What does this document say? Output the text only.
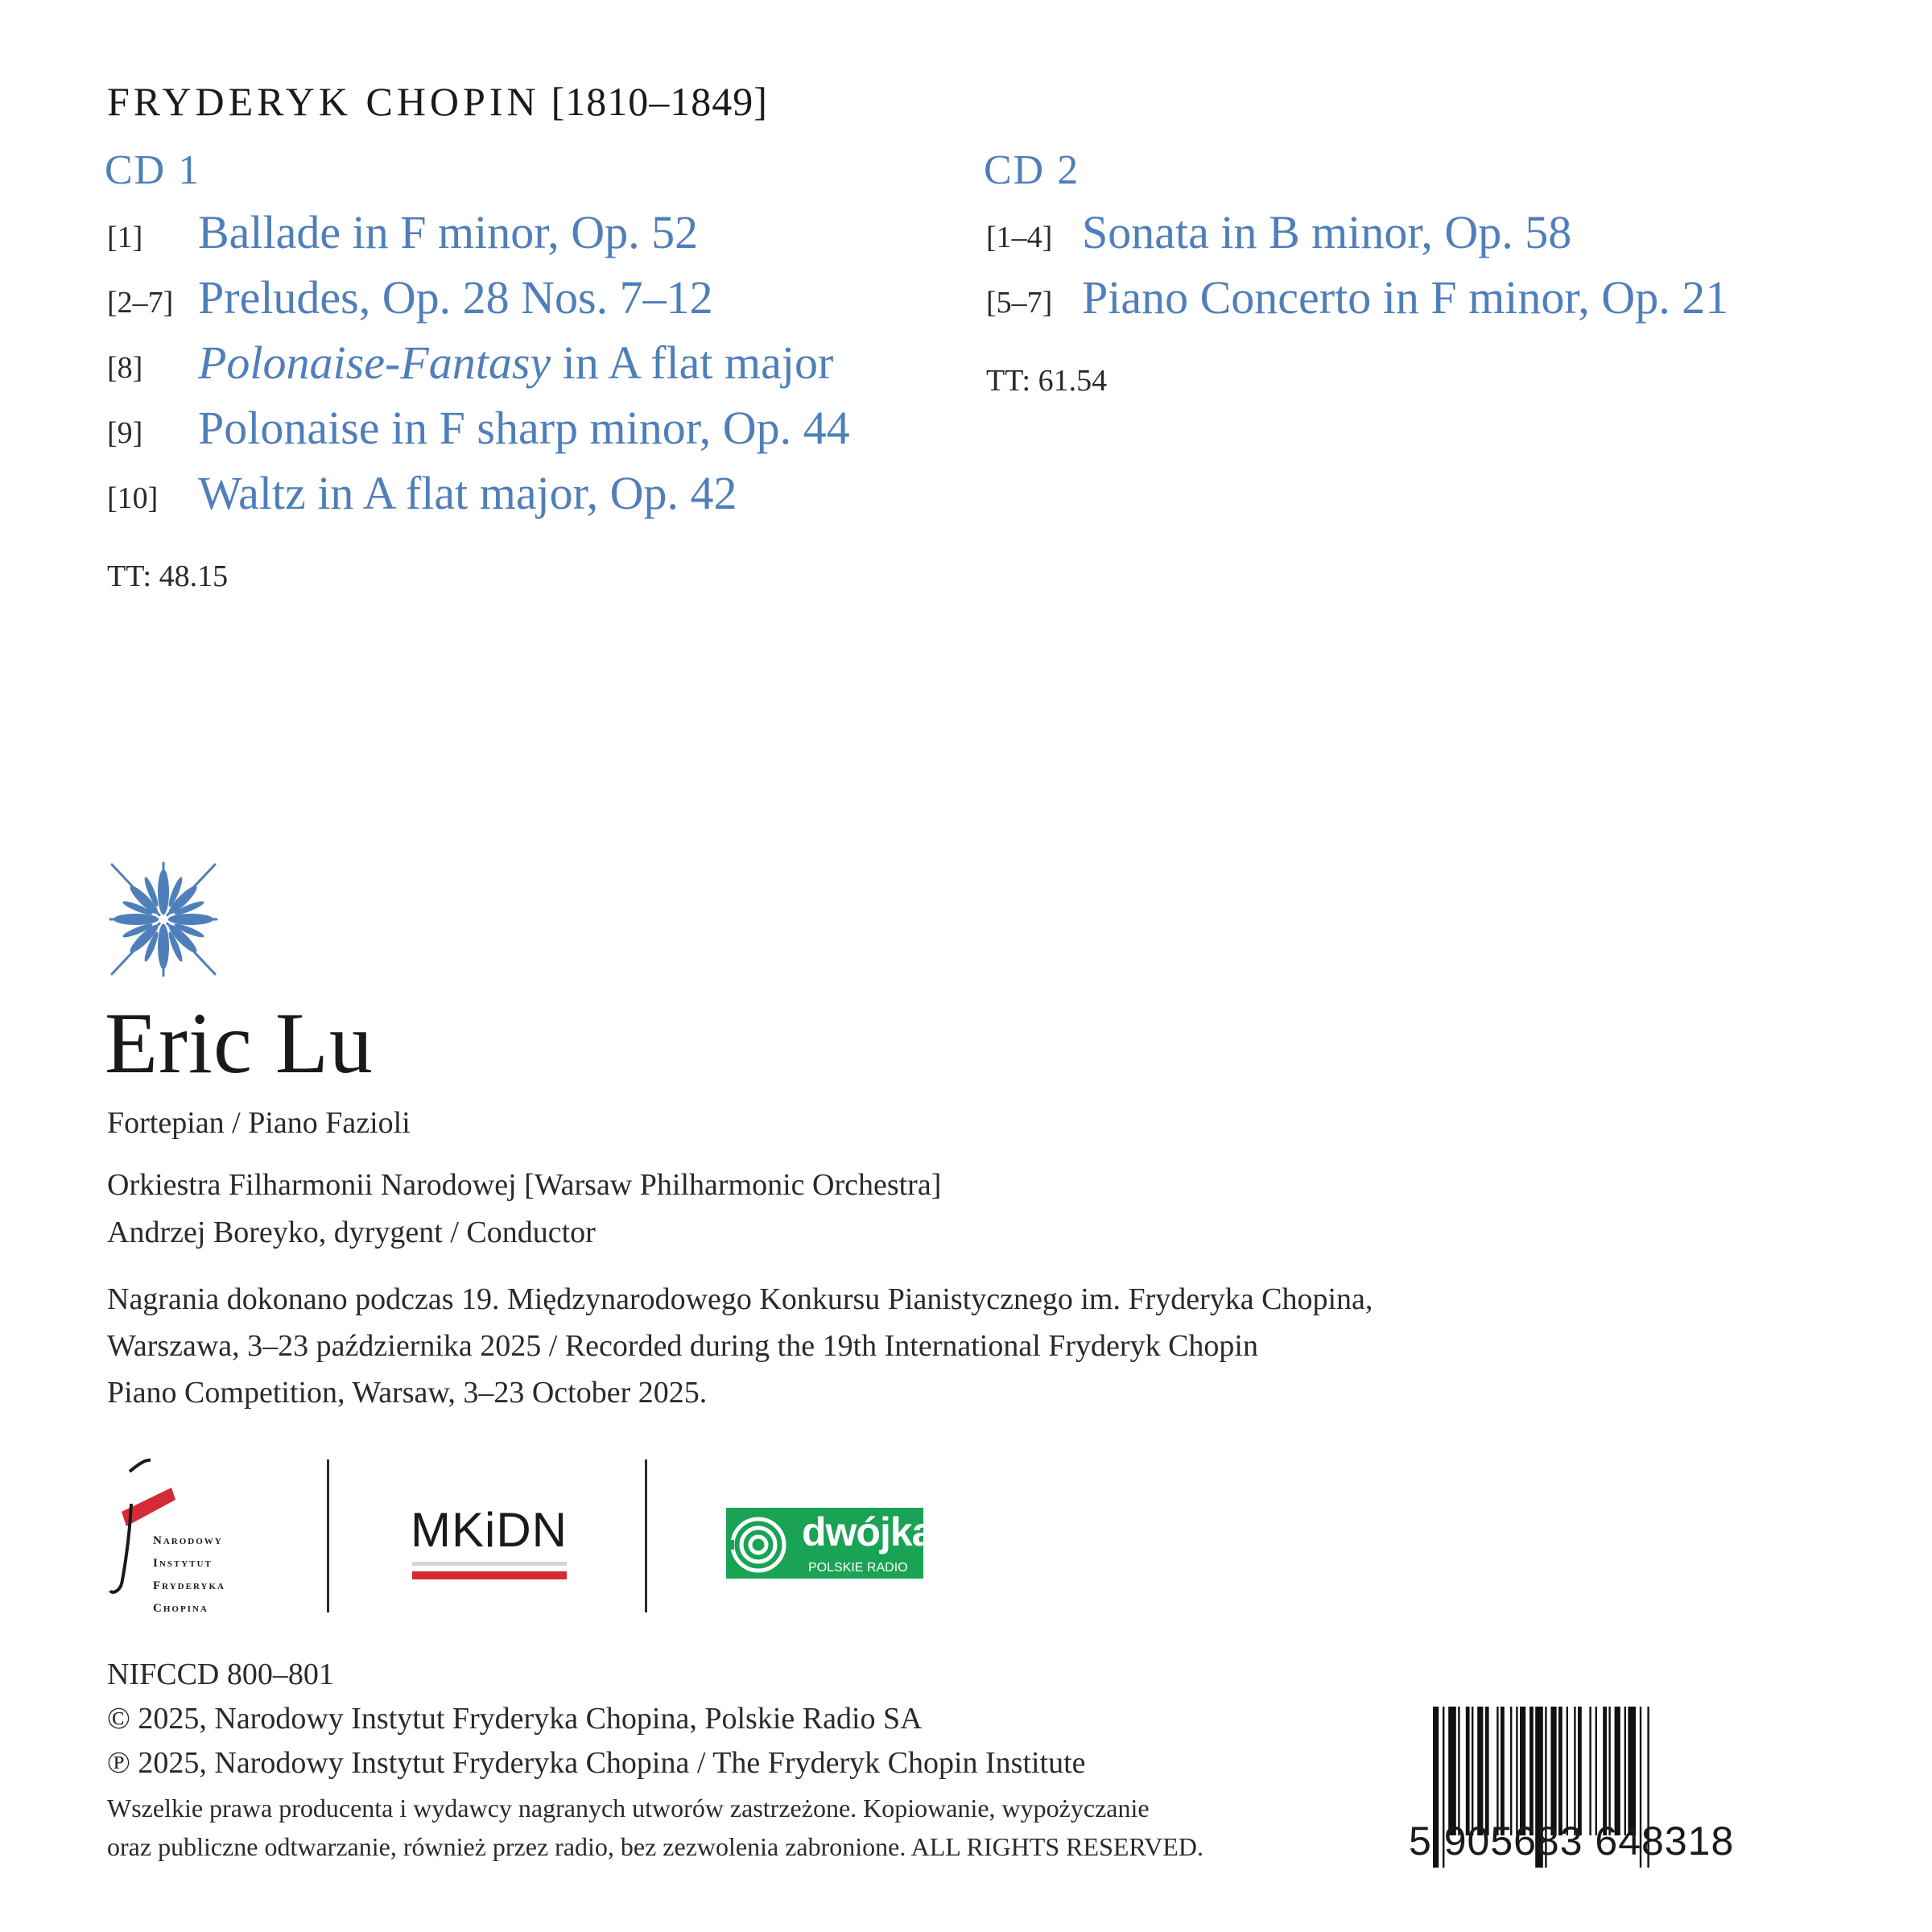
FRYDERYK CHOPIN [1810–1849]
CD 1
[1] Ballade in F minor, Op. 52
[2–7] Preludes, Op. 28 Nos. 7–12
[8] Polonaise-Fantasy in A flat major
[9] Polonaise in F sharp minor, Op. 44
[10] Waltz in A flat major, Op. 42
TT: 48.15
CD 2
[1–4] Sonata in B minor, Op. 58
[5–7] Piano Concerto in F minor, Op. 21
TT: 61.54
Eric Lu
Fortepian / Piano Fazioli
Orkiestra Filharmonii Narodowej [Warsaw Philharmonic Orchestra]
Andrzej Boreyko, dyrygent / Conductor
Nagrania dokonano podczas 19. Międzynarodowego Konkursu Pianistycznego im. Fryderyka Chopina,
Warszawa, 3–23 października 2025 / Recorded during the 19th International Fryderyk Chopin
Piano Competition, Warsaw, 3–23 October 2025.
Narodowy
Instytut
Fryderyka
Chopina
MKiDN	dwójka
POLSKIE RADIO
NIFCCD 800–801
© 2025, Narodowy Instytut Fryderyka Chopina, Polskie Radio SA
℗ 2025, Narodowy Instytut Fryderyka Chopina / The Fryderyk Chopin Institute
Wszelkie prawa producenta i wydawcy nagranych utworów zastrzeżone. Kopiowanie, wypożyczanie
oraz publiczne odtwarzanie, również przez radio, bez zezwolenia zabronione. ALL RIGHTS RESERVED.	5 905683 648318
